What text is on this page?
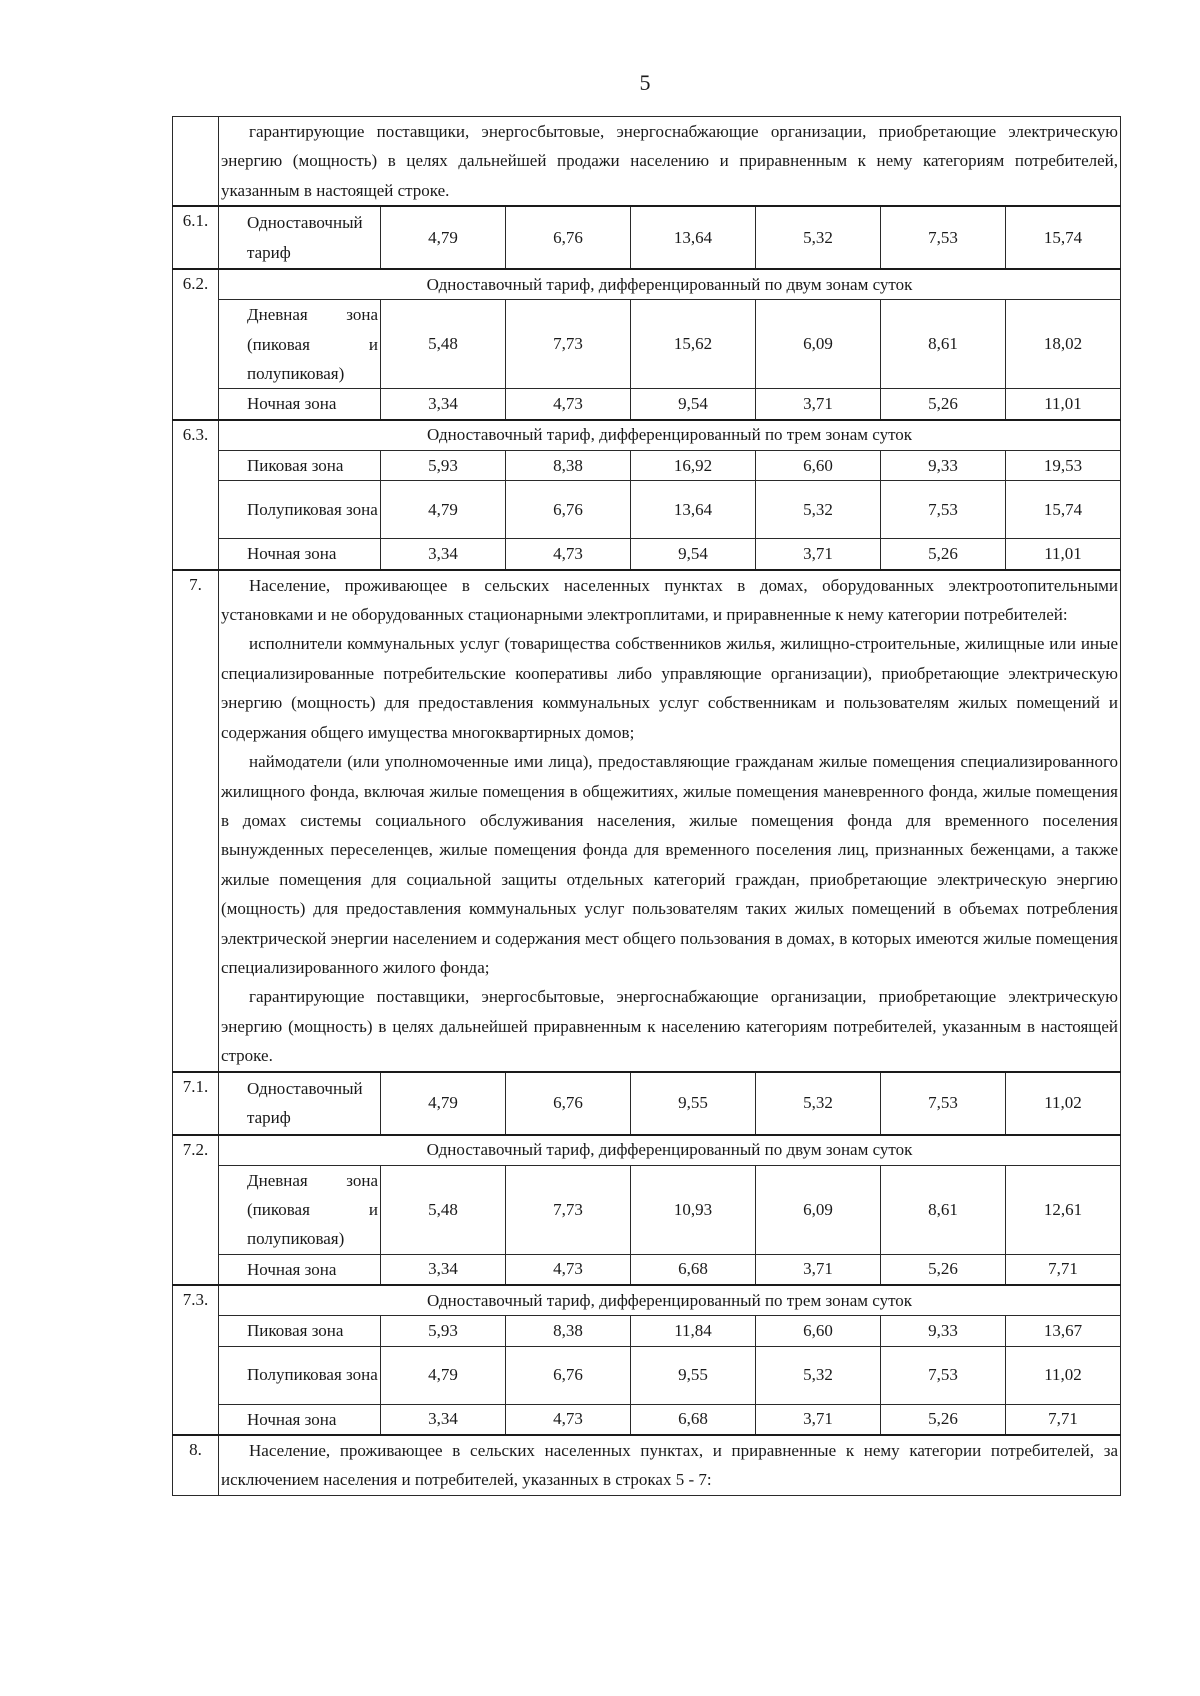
5

	гарантирующие поставщики, энергосбытовые, энергоснабжающие организации, приобретающие электрическую энергию (мощность) в целях дальнейшей продажи населению и приравненным к нему категориям потребителей, указанным в настоящей строке.						

6.1.	Одноставочный тариф	4,79	6,76	13,64	5,32	7,53	15,74
6.2.	Одноставочный тариф, дифференцированный по двум зонам суток						
	Дневная зона (пиковая и полупиковая)	5,48	7,73	15,62	6,09	8,61	18,02
	Ночная зона	3,34	4,73	9,54	3,71	5,26	11,01
6.3.	Одноставочный тариф, дифференцированный по трем зонам суток						
	Пиковая зона	5,93	8,38	16,92	6,60	9,33	19,53
	Полупиковая зона	4,79	6,76	13,64	5,32	7,53	15,74
	Ночная зона	3,34	4,73	9,54	3,71	5,26	11,01
7.	Население, проживающее в сельских населенных пунктах в домах, оборудованных электроотопительными установками и не оборудованных стационарными электроплитами, и приравненные к нему категории потребителей:

исполнители коммунальных услуг (товарищества собственников жилья, жилищно-строительные, жилищные или иные специализированные потребительские кооперативы либо управляющие организации), приобретающие электрическую энергию (мощность) для предоставления коммунальных услуг собственникам и пользователям жилых помещений и содержания общего имущества многоквартирных домов;

наймодатели (или уполномоченные ими лица), предоставляющие гражданам жилые помещения специализированного жилищного фонда, включая жилые помещения в общежитиях, жилые помещения маневренного фонда, жилые помещения в домах системы социального обслуживания населения, жилые помещения фонда для временного поселения вынужденных переселенцев, жилые помещения фонда для временного поселения лиц, признанных беженцами, а также жилые помещения для социальной защиты отдельных категорий граждан, приобретающие электрическую энергию (мощность) для предоставления коммунальных услуг пользователям таких жилых помещений в объемах потребления электрической энергии населением и содержания мест общего пользования в домах, в которых имеются жилые помещения специализированного жилого фонда;

гарантирующие поставщики, энергосбытовые, энергоснабжающие организации, приобретающие электрическую энергию (мощность) в целях дальнейшей приравненным к населению категориям потребителей, указанным в настоящей строке.						

7.1.	Одноставочный тариф	4,79	6,76	9,55	5,32	7,53	11,02
7.2.	Одноставочный тариф, дифференцированный по двум зонам суток						
	Дневная зона (пиковая и полупиковая)	5,48	7,73	10,93	6,09	8,61	12,61
	Ночная зона	3,34	4,73	6,68	3,71	5,26	7,71
7.3.	Одноставочный тариф, дифференцированный по трем зонам суток						
	Пиковая зона	5,93	8,38	11,84	6,60	9,33	13,67
	Полупиковая зона	4,79	6,76	9,55	5,32	7,53	11,02
	Ночная зона	3,34	4,73	6,68	3,71	5,26	7,71
8.	Население, проживающее в сельских населенных пунктах, и приравненные к нему категории потребителей, за исключением населения и потребителей, указанных в строках 5 - 7:						
